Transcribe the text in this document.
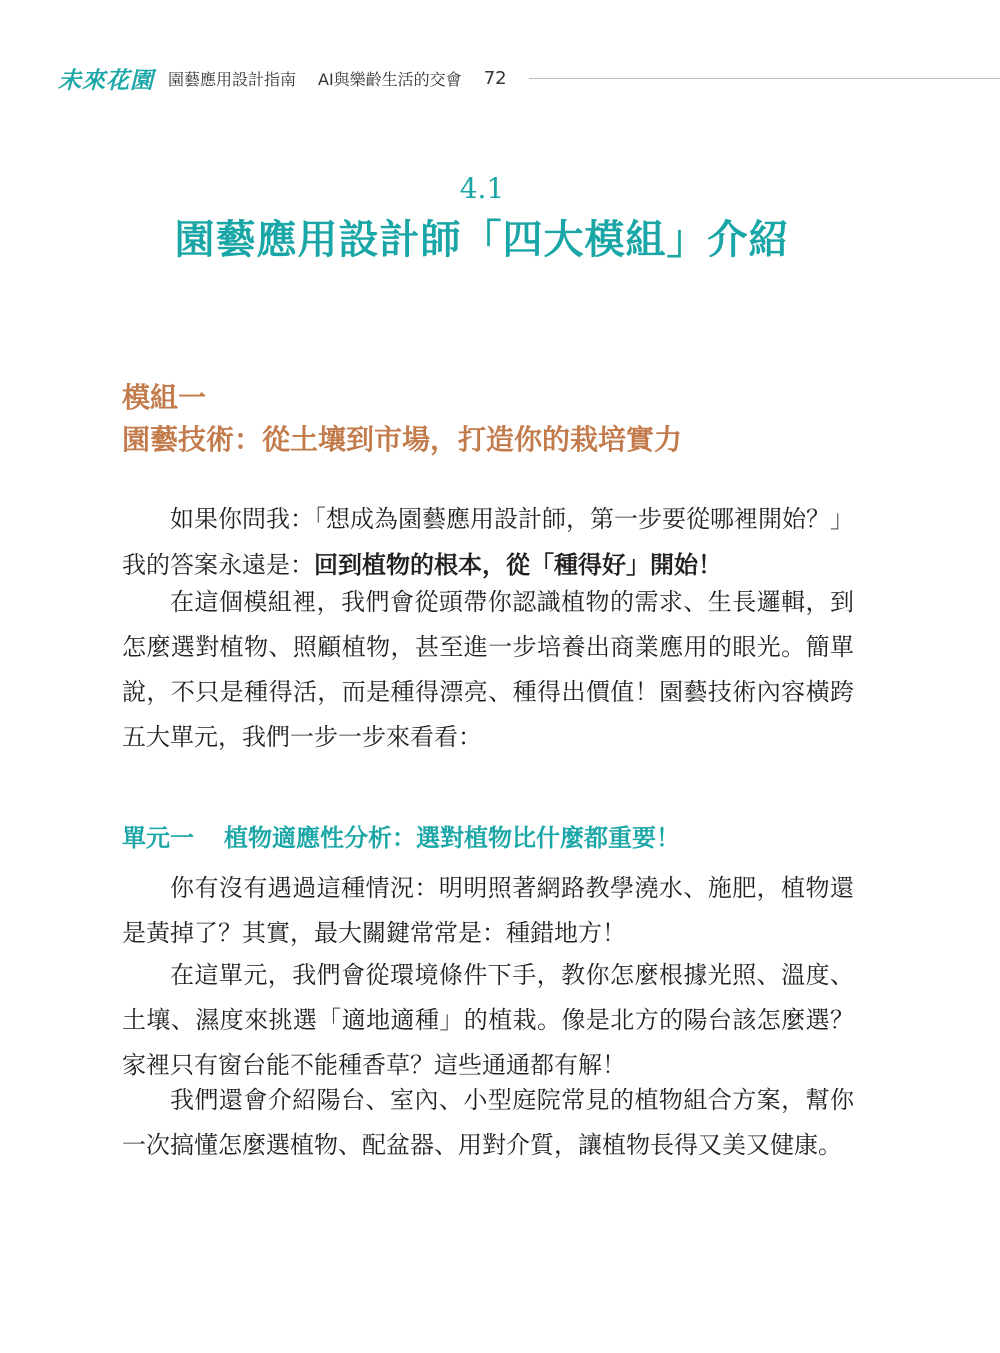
未來花園 園藝應用設計指南 AI與樂齡生活的交會 72
4.1
園藝應用設計師「四大模組」介紹
模組一
園藝技術：從土壤到市場，打造你的栽培實力

如果你問我：「想成為園藝應用設計師，第一步要從哪裡開始？」我的答案永遠是：回到植物的根本，從「種得好」開始！

在這個模組裡，我們會從頭帶你認識植物的需求、生長邏輯，到怎麼選對植物、照顧植物，甚至進一步培養出商業應用的眼光。簡單說，不只是種得活，而是種得漂亮、種得出價值！園藝技術內容橫跨五大單元，我們一步一步來看看：

單元一 植物適應性分析：選對植物比什麼都重要！

你有沒有遇過這種情況：明明照著網路教學澆水、施肥，植物還是黃掉了？其實，最大關鍵常常是：種錯地方！

在這單元，我們會從環境條件下手，教你怎麼根據光照、溫度、土壤、濕度來挑選「適地適種」的植栽。像是北方的陽台該怎麼選？家裡只有窗台能不能種香草？這些通通都有解！

我們還會介紹陽台、室內、小型庭院常見的植物組合方案，幫你一次搞懂怎麼選植物、配盆器、用對介質，讓植物長得又美又健康。
